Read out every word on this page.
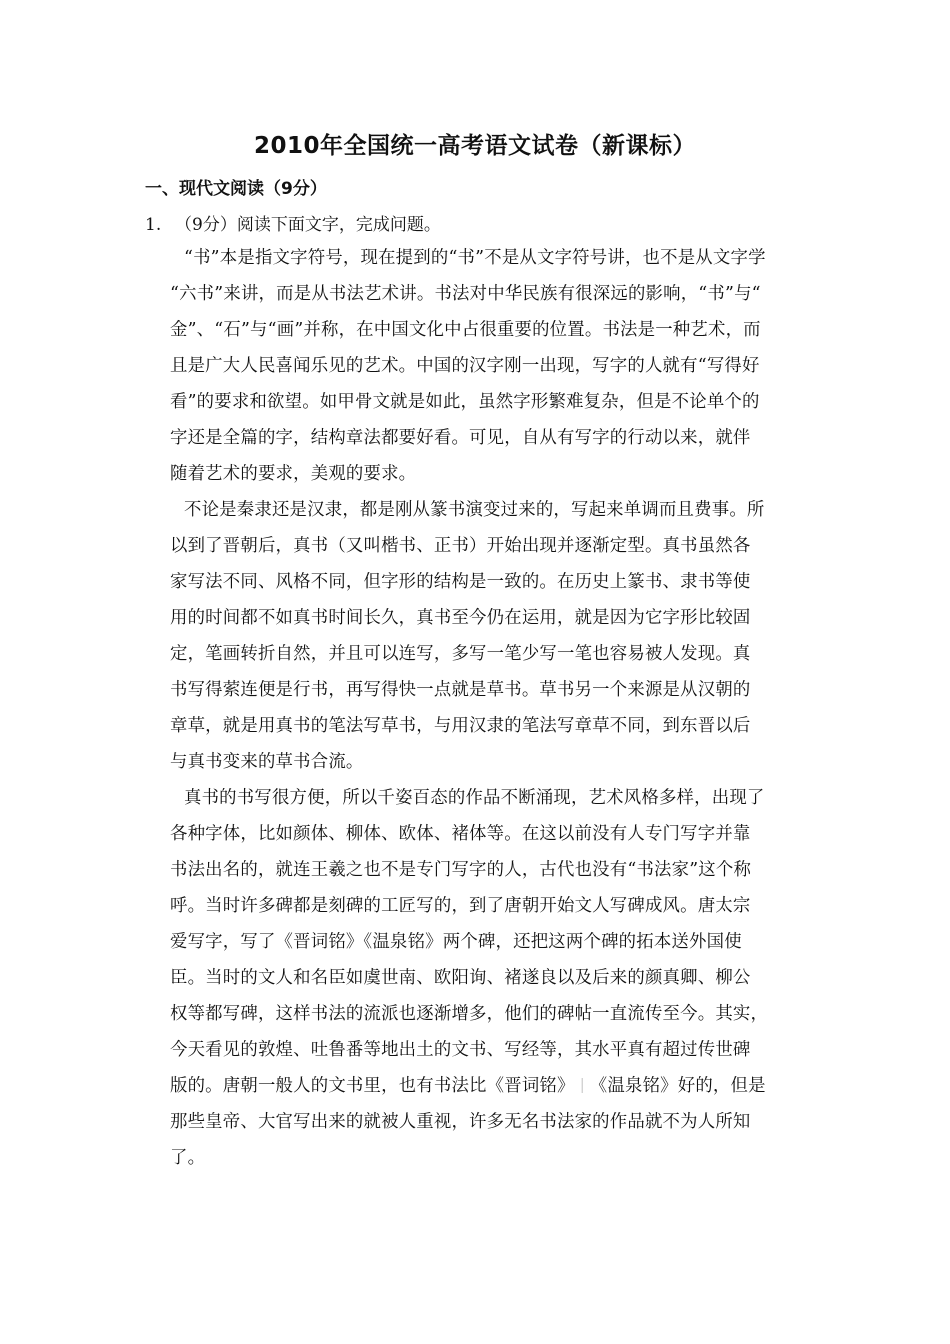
2010年全国统一高考语文试卷（新课标）
一、现代文阅读（9分）
1. （9分）阅读下面文字，完成问题。
“书”本是指文字符号，现在提到的“书”不是从文字符号讲，也不是从文字学
“六书”来讲，而是从书法艺术讲。书法对中华民族有很深远的影响，“书”与“
金”、“石”与“画”并称，在中国文化中占很重要的位置。书法是一种艺术，而
且是广大人民喜闻乐见的艺术。中国的汉字刚一出现，写字的人就有“写得好
看”的要求和欲望。如甲骨文就是如此，虽然字形繁难复杂，但是不论单个的
字还是全篇的字，结构章法都要好看。可见，自从有写字的行动以来，就伴
随着艺术的要求，美观的要求。
不论是秦隶还是汉隶，都是刚从篆书演变过来的，写起来单调而且费事。所
以到了晋朝后，真书（又叫楷书、正书）开始出现并逐渐定型。真书虽然各
家写法不同、风格不同，但字形的结构是一致的。在历史上篆书、隶书等使
用的时间都不如真书时间长久，真书至今仍在运用，就是因为它字形比较固
定，笔画转折自然，并且可以连写，多写一笔少写一笔也容易被人发现。真
书写得萦连便是行书，再写得快一点就是草书。草书另一个来源是从汉朝的
章草，就是用真书的笔法写草书，与用汉隶的笔法写章草不同，到东晋以后
与真书变来的草书合流。
真书的书写很方便，所以千姿百态的作品不断涌现，艺术风格多样，出现了
各种字体，比如颜体、柳体、欧体、褚体等。在这以前没有人专门写字并靠
书法出名的，就连王羲之也不是专门写字的人，古代也没有“书法家”这个称
呼。当时许多碑都是刻碑的工匠写的，到了唐朝开始文人写碑成风。唐太宗
爱写字，写了《晋词铭》《温泉铭》两个碑，还把这两个碑的拓本送外国使
臣。当时的文人和名臣如虞世南、欧阳询、褚遂良以及后来的颜真卿、柳公
权等都写碑，这样书法的流派也逐渐增多，他们的碑帖一直流传至今。其实，
今天看见的敦煌、吐鲁番等地出土的文书、写经等，其水平真有超过传世碑
版的。唐朝一般人的文书里，也有书法比《晋词铭》｜《温泉铭》好的，但是
那些皇帝、大官写出来的就被人重视，许多无名书法家的作品就不为人所知
了。
